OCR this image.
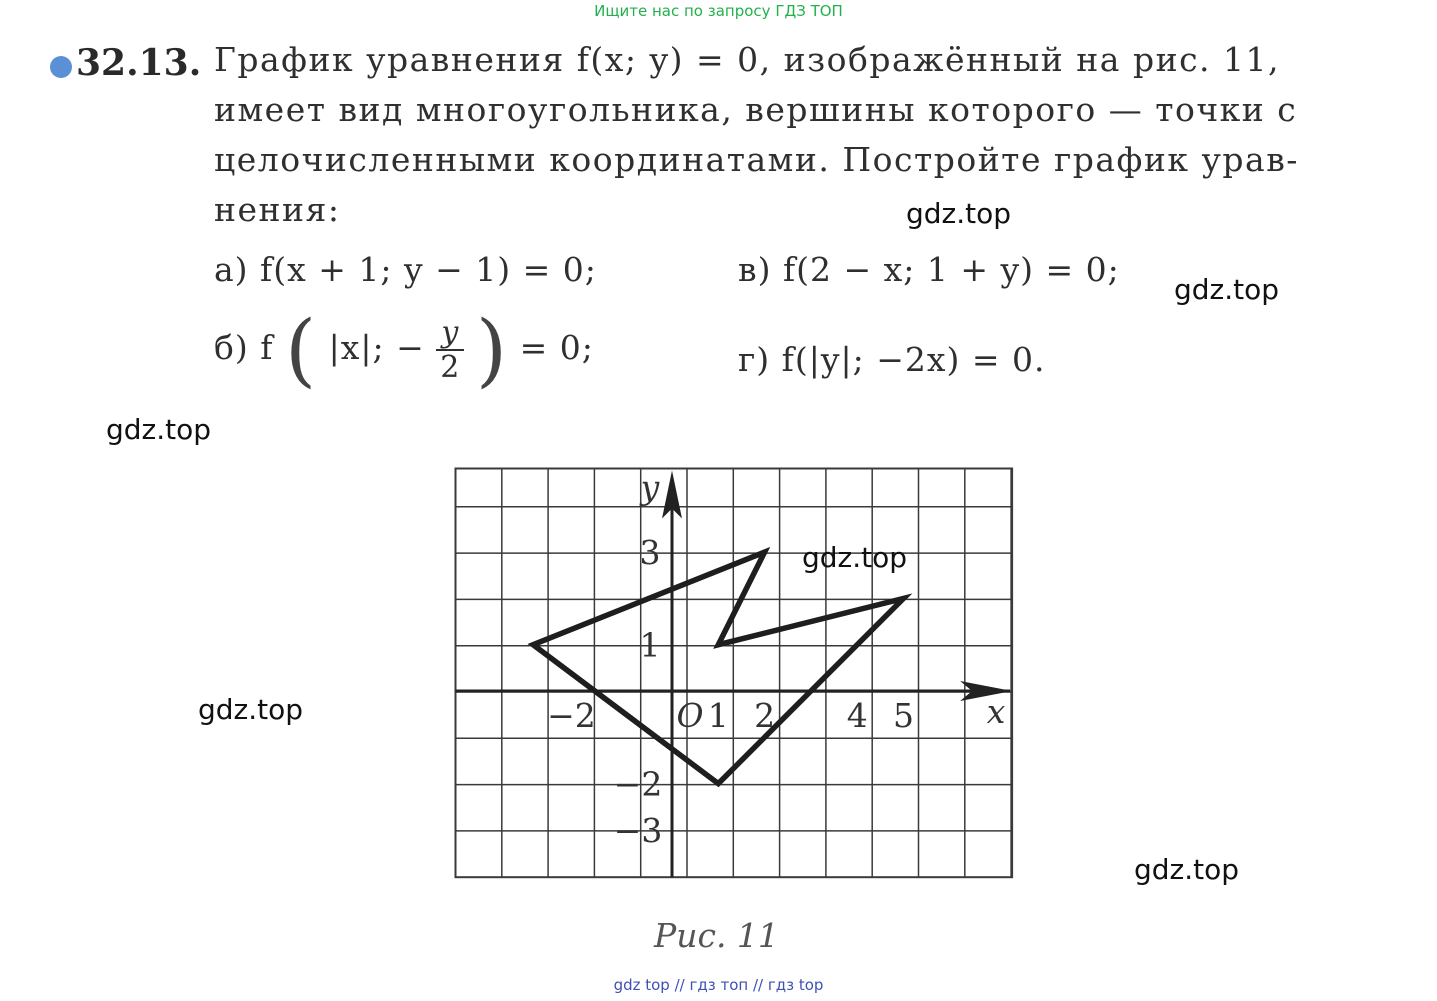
Ищите нас по запросу ГДЗ ТОП
32.13. График уравнения f(x; y) = 0, изображённый на рис. 11,
имеет вид многоугольника, вершины которого — точки с
целочисленными координатами. Постройте график урав-
нения:
а) f(x + 1; y − 1) = 0;	в) f(2 − x; 1 + y) = 0;
б) f ( |x|; − $\frac{y}{2}$ ) = 0;	г) f(|y|; −2x) = 0.
gdz.top
gdz.top
gdz.top
gdz.top
gdz.top
−2	1 2 4 5
3
1
−2
−3
O	x
y
gdz.top
Рис. 11
gdz top // гдз топ // гдз top
